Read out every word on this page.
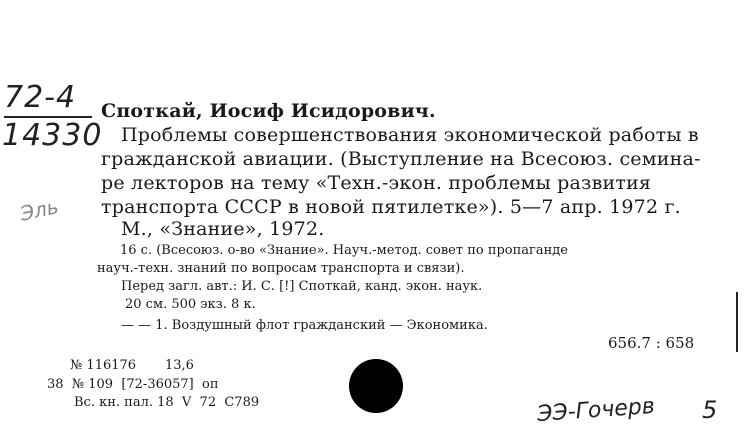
72-4
14330
Эль
Споткай, Иосиф Исидорович.
Проблемы совершенствования экономической работы в
гражданской авиации. (Выступление на Всесоюз. семина-
ре лекторов на тему «Техн.-экон. проблемы развития
транспорта СССР в новой пятилетке»). 5—7 апр. 1972 г.
М., «Знание», 1972.
16 с. (Всесоюз. о-во «Знание». Науч.-метод. совет по пропаганде
науч.-техн. знаний по вопросам транспорта и связи).
Перед загл. авт.: И. С. [!] Споткай, канд. экон. наук.
20 см. 500 экз. 8 к.
— — 1. Воздушный флот гражданский — Экономика.
656.7 : 658
№ 116176       13,6
38  № 109  [72-36057]  оп
Вс. кн. пал. 18  V  72  С789	ЭЭ-Гочерв 5
